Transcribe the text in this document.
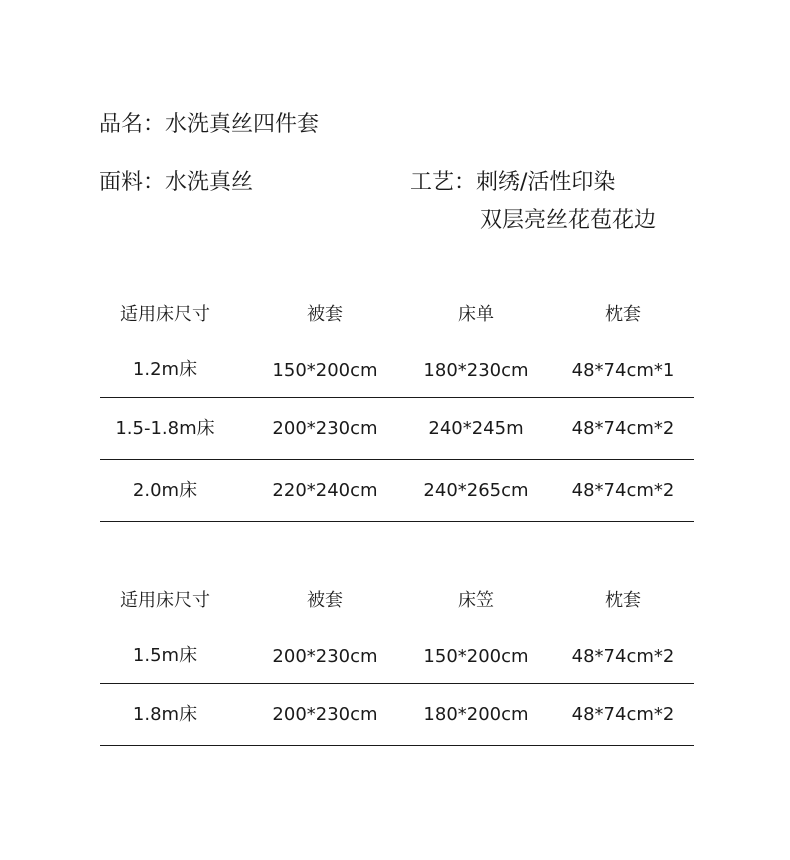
品名：水洗真丝四件套
面料：水洗真丝	工艺：刺绣/活性印染
双层亮丝花苞花边
适用床尺寸	被套	床单	枕套
1.2m床	150*200cm	180*230cm	48*74cm*1
1.5-1.8m床	200*230cm	240*245m	48*74cm*2
2.0m床	220*240cm	240*265cm	48*74cm*2
适用床尺寸	被套	床笠	枕套
1.5m床	200*230cm	150*200cm	48*74cm*2
1.8m床	200*230cm	180*200cm	48*74cm*2
